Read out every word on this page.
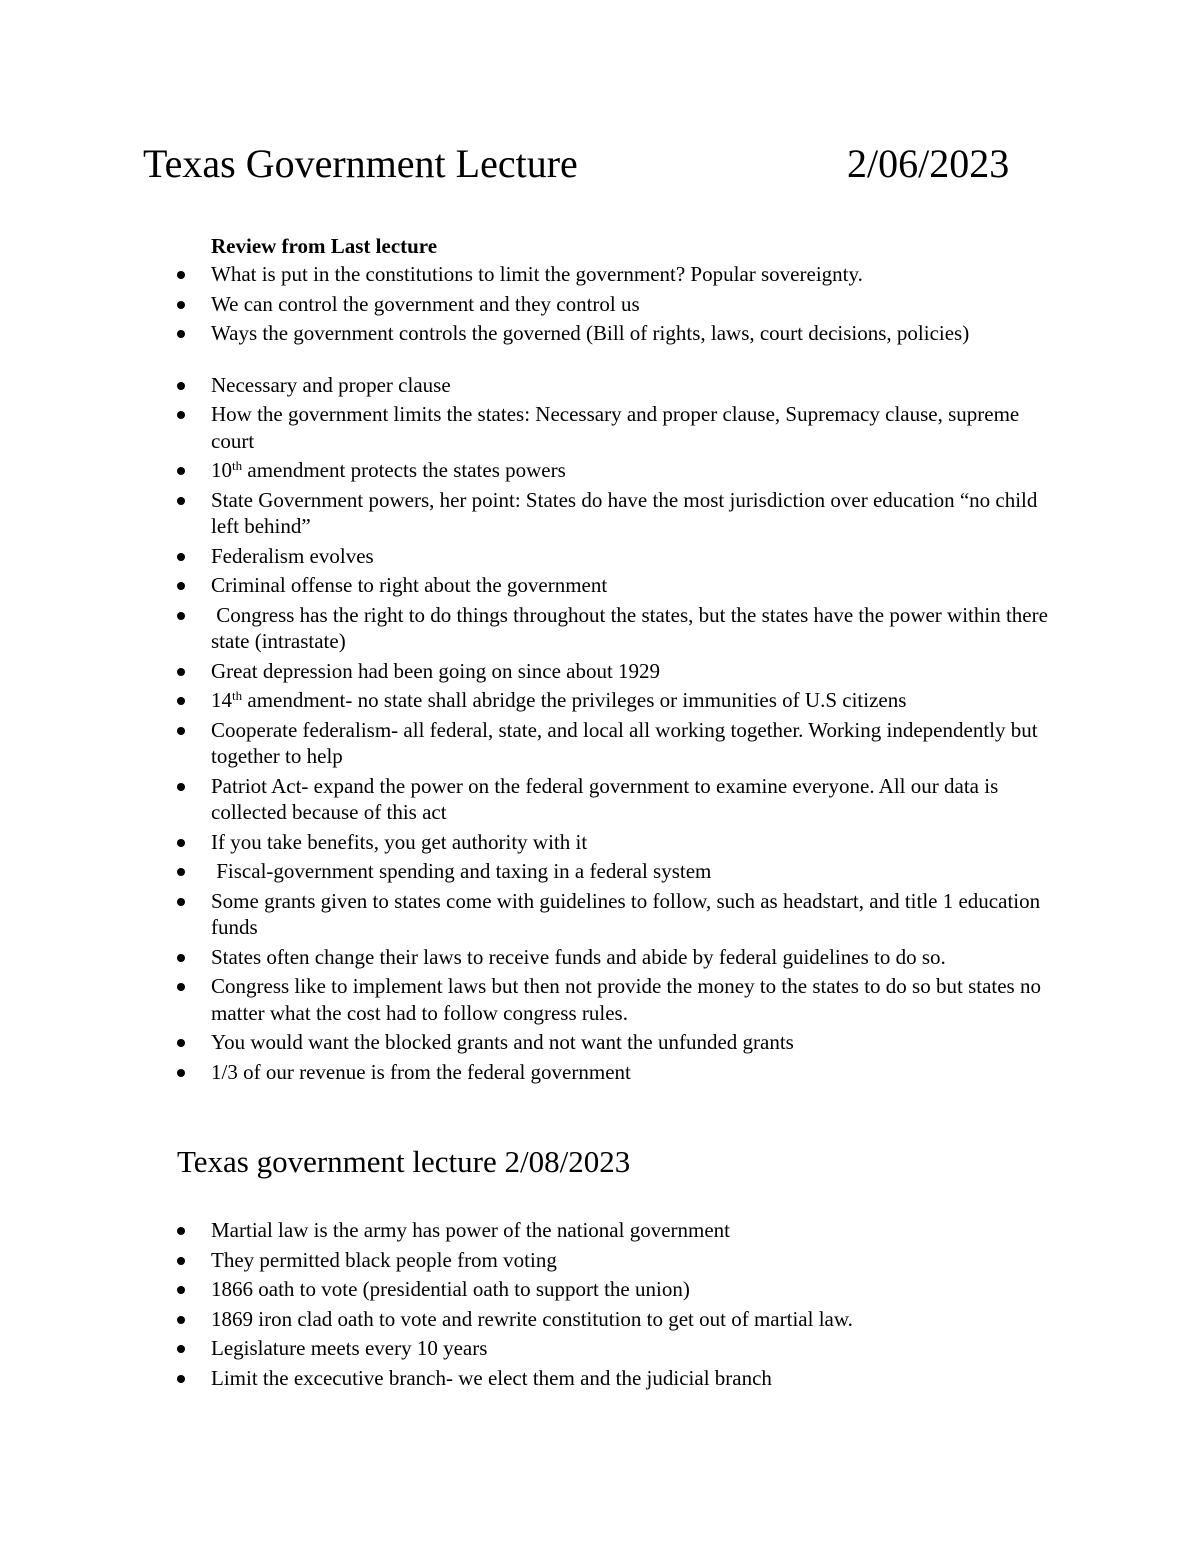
Texas Government Lecture	2/06/2023
Review from Last lecture
What is put in the constitutions to limit the government? Popular sovereignty.
We can control the government and they control us
Ways the government controls the governed (Bill of rights, laws, court decisions, policies)
Necessary and proper clause
How the government limits the states: Necessary and proper clause, Supremacy clause, supreme court
10th amendment protects the states powers
State Government powers, her point: States do have the most jurisdiction over education “no child left behind”
Federalism evolves
Criminal offense to right about the government
Congress has the right to do things throughout the states, but the states have the power within there state (intrastate)
Great depression had been going on since about 1929
14th amendment- no state shall abridge the privileges or immunities of U.S citizens
Cooperate federalism- all federal, state, and local all working together. Working independently but together to help
Patriot Act- expand the power on the federal government to examine everyone. All our data is collected because of this act
If you take benefits, you get authority with it
Fiscal-government spending and taxing in a federal system
Some grants given to states come with guidelines to follow, such as headstart, and title 1 education funds
States often change their laws to receive funds and abide by federal guidelines to do so.
Congress like to implement laws but then not provide the money to the states to do so but states no matter what the cost had to follow congress rules.
You would want the blocked grants and not want the unfunded grants
1/3 of our revenue is from the federal government
Texas government lecture 2/08/2023
Martial law is the army has power of the national government
They permitted black people from voting
1866 oath to vote (presidential oath to support the union)
1869 iron clad oath to vote and rewrite constitution to get out of martial law.
Legislature meets every 10 years
Limit the excecutive branch- we elect them and the judicial branch
